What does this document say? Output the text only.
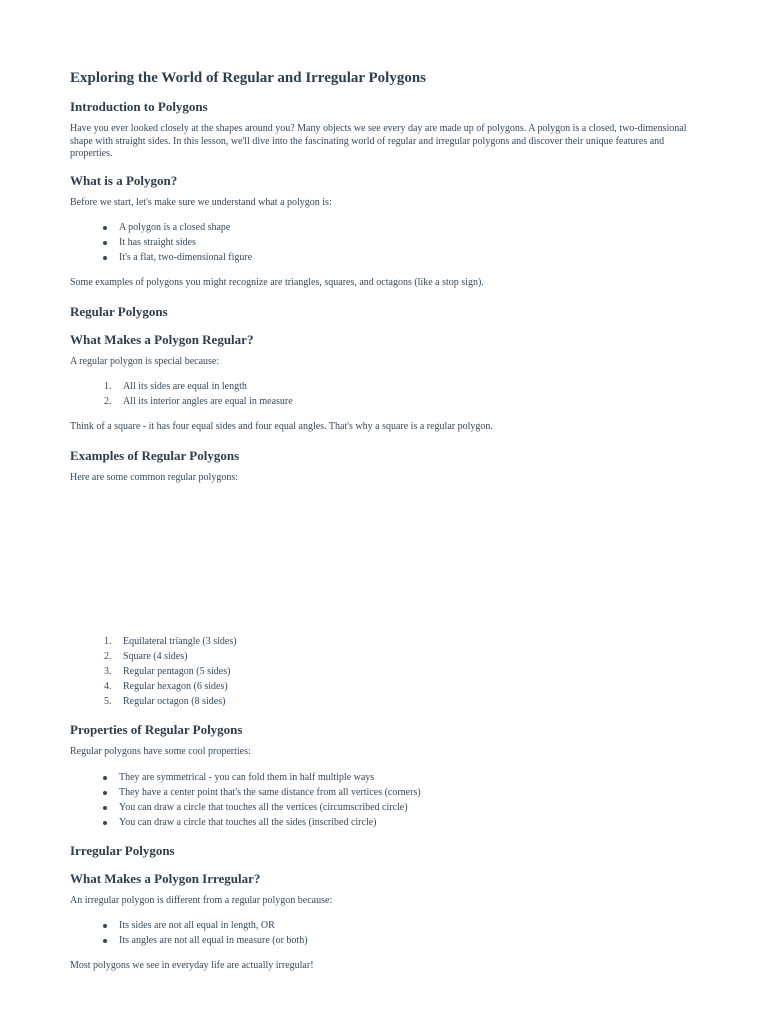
Exploring the World of Regular and Irregular Polygons
Introduction to Polygons

Have you ever looked closely at the shapes around you? Many objects we see every day are made up of polygons. A polygon is a closed, two-dimensional shape with straight sides. In this lesson, we'll dive into the fascinating world of regular and irregular polygons and discover their unique features and properties.

What is a Polygon?

Before we start, let's make sure we understand what a polygon is:

A polygon is a closed shape
It has straight sides
It's a flat, two-dimensional figure

Some examples of polygons you might recognize are triangles, squares, and octagons (like a stop sign).

Regular Polygons
What Makes a Polygon Regular?

A regular polygon is special because:

1. All its sides are equal in length
2. All its interior angles are equal in measure

Think of a square - it has four equal sides and four equal angles. That's why a square is a regular polygon.

Examples of Regular Polygons

Here are some common regular polygons:

1. Equilateral triangle (3 sides)
2. Square (4 sides)
3. Regular pentagon (5 sides)
4. Regular hexagon (6 sides)
5. Regular octagon (8 sides)
Properties of Regular Polygons

Regular polygons have some cool properties:

They are symmetrical - you can fold them in half multiple ways
They have a center point that's the same distance from all vertices (corners)
You can draw a circle that touches all the vertices (circumscribed circle)
You can draw a circle that touches all the sides (inscribed circle)
Irregular Polygons
What Makes a Polygon Irregular?

An irregular polygon is different from a regular polygon because:

Its sides are not all equal in length, OR
Its angles are not all equal in measure (or both)

Most polygons we see in everyday life are actually irregular!
